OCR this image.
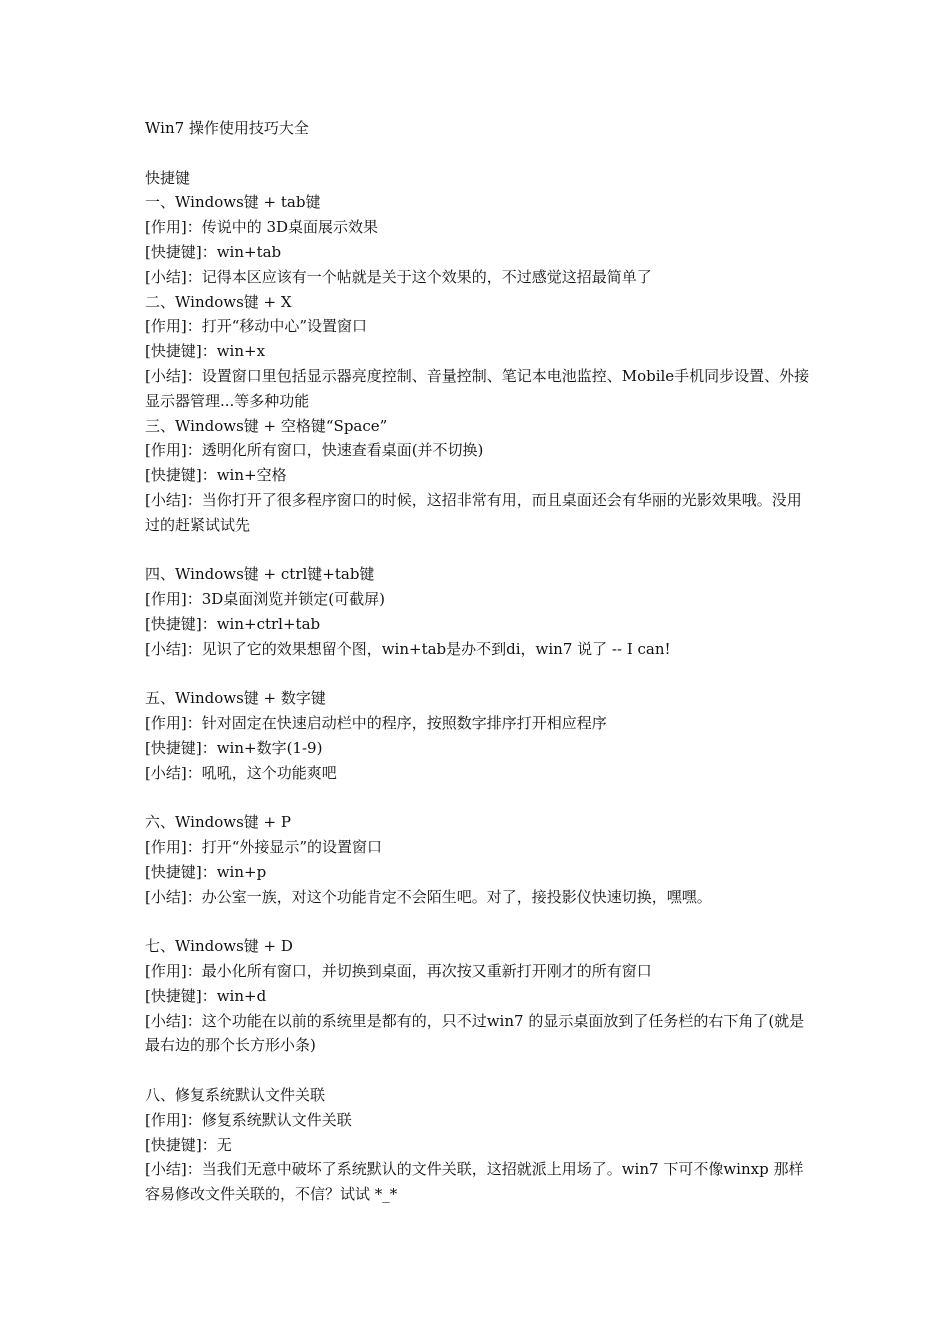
Win7 操作使用技巧大全
快捷键
一、Windows键 + tab键
[作用]：传说中的 3D桌面展示效果
[快捷键]：win+tab
[小结]：记得本区应该有一个帖就是关于这个效果的，不过感觉这招最简单了
二、Windows键 + X
[作用]：打开“移动中心”设置窗口
[快捷键]：win+x
[小结]：设置窗口里包括显示器亮度控制、音量控制、笔记本电池监控、Mobile手机同步设置、外接显示器管理...等多种功能
三、Windows键 + 空格键“Space”
[作用]：透明化所有窗口，快速查看桌面(并不切换)
[快捷键]：win+空格
[小结]：当你打开了很多程序窗口的时候，这招非常有用，而且桌面还会有华丽的光影效果哦。没用过的赶紧试试先
四、Windows键 + ctrl键+tab键
[作用]：3D桌面浏览并锁定(可截屏)
[快捷键]：win+ctrl+tab
[小结]：见识了它的效果想留个图，win+tab是办不到di，win7 说了 -- I can!
五、Windows键 + 数字键
[作用]：针对固定在快速启动栏中的程序，按照数字排序打开相应程序
[快捷键]：win+数字(1-9)
[小结]：吼吼，这个功能爽吧
六、Windows键 + P
[作用]：打开“外接显示”的设置窗口
[快捷键]：win+p
[小结]：办公室一族，对这个功能肯定不会陌生吧。对了，接投影仪快速切换，嘿嘿。
七、Windows键 + D
[作用]：最小化所有窗口，并切换到桌面，再次按又重新打开刚才的所有窗口
[快捷键]：win+d
[小结]：这个功能在以前的系统里是都有的，只不过win7 的显示桌面放到了任务栏的右下角了(就是最右边的那个长方形小条)
八、修复系统默认文件关联
[作用]：修复系统默认文件关联
[快捷键]：无
[小结]：当我们无意中破坏了系统默认的文件关联，这招就派上用场了。win7 下可不像winxp 那样容易修改文件关联的，不信？试试 *_*
